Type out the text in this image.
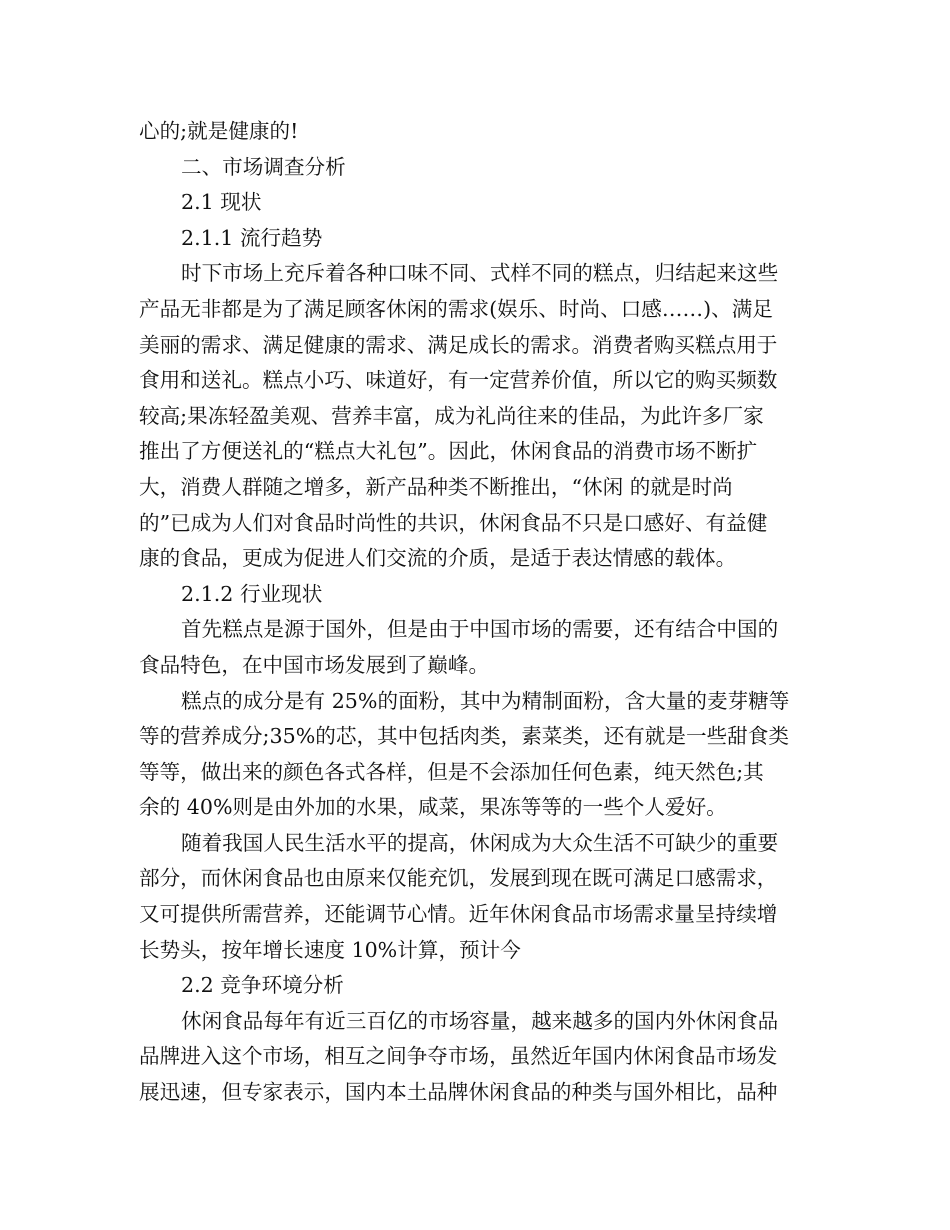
心的;就是健康的!
二、市场调查分析
2.1 现状
2.1.1 流行趋势
时下市场上充斥着各种口味不同、式样不同的糕点，归结起来这些
产品无非都是为了满足顾客休闲的需求(娱乐、时尚、口感……)、满足
美丽的需求、满足健康的需求、满足成长的需求。消费者购买糕点用于
食用和送礼。糕点小巧、味道好，有一定营养价值，所以它的购买频数
较高;果冻轻盈美观、营养丰富，成为礼尚往来的佳品，为此许多厂家
推出了方便送礼的“糕点大礼包”。因此，休闲食品的消费市场不断扩
大，消费人群随之增多，新产品种类不断推出，“休闲 的就是时尚
的”已成为人们对食品时尚性的共识，休闲食品不只是口感好、有益健
康的食品，更成为促进人们交流的介质，是适于表达情感的载体。
2.1.2 行业现状
首先糕点是源于国外，但是由于中国市场的需要，还有结合中国的
食品特色，在中国市场发展到了巅峰。
糕点的成分是有 25%的面粉，其中为精制面粉，含大量的麦芽糖等
等的营养成分;35%的芯，其中包括肉类，素菜类，还有就是一些甜食类
等等，做出来的颜色各式各样，但是不会添加任何色素，纯天然色;其
余的 40%则是由外加的水果，咸菜，果冻等等的一些个人爱好。
随着我国人民生活水平的提高，休闲成为大众生活不可缺少的重要
部分，而休闲食品也由原来仅能充饥，发展到现在既可满足口感需求，
又可提供所需营养，还能调节心情。近年休闲食品市场需求量呈持续增
长势头，按年增长速度 10%计算，预计今
2.2 竞争环境分析
休闲食品每年有近三百亿的市场容量，越来越多的国内外休闲食品
品牌进入这个市场，相互之间争夺市场，虽然近年国内休闲食品市场发
展迅速，但专家表示，国内本土品牌休闲食品的种类与国外相比，品种
